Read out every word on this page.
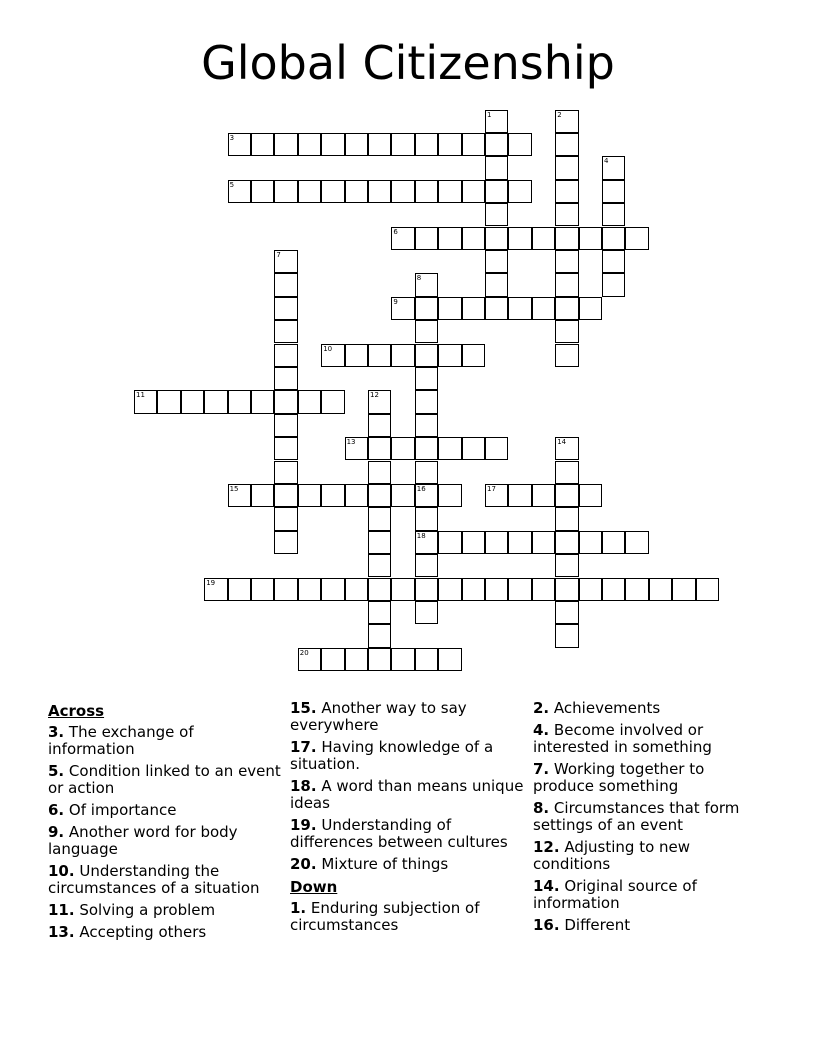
Global Citizenship
1	2
3
4
5
6
7
8
9
10
11	12
13	14
15	16	17
18
19
20
Across
3. The exchange of information
5. Condition linked to an event or action
6. Of importance
9. Another word for body language
10. Understanding the circumstances of a situation
11. Solving a problem
13. Accepting others
15. Another way to say everywhere
17. Having knowledge of a situation.
18. A word than means unique ideas
19. Understanding of differences between cultures
20. Mixture of things
Down
1. Enduring subjection of circumstances
2. Achievements
4. Become involved or interested in something
7. Working together to produce something
8. Circumstances that form settings of an event
12. Adjusting to new conditions
14. Original source of information
16. Different
